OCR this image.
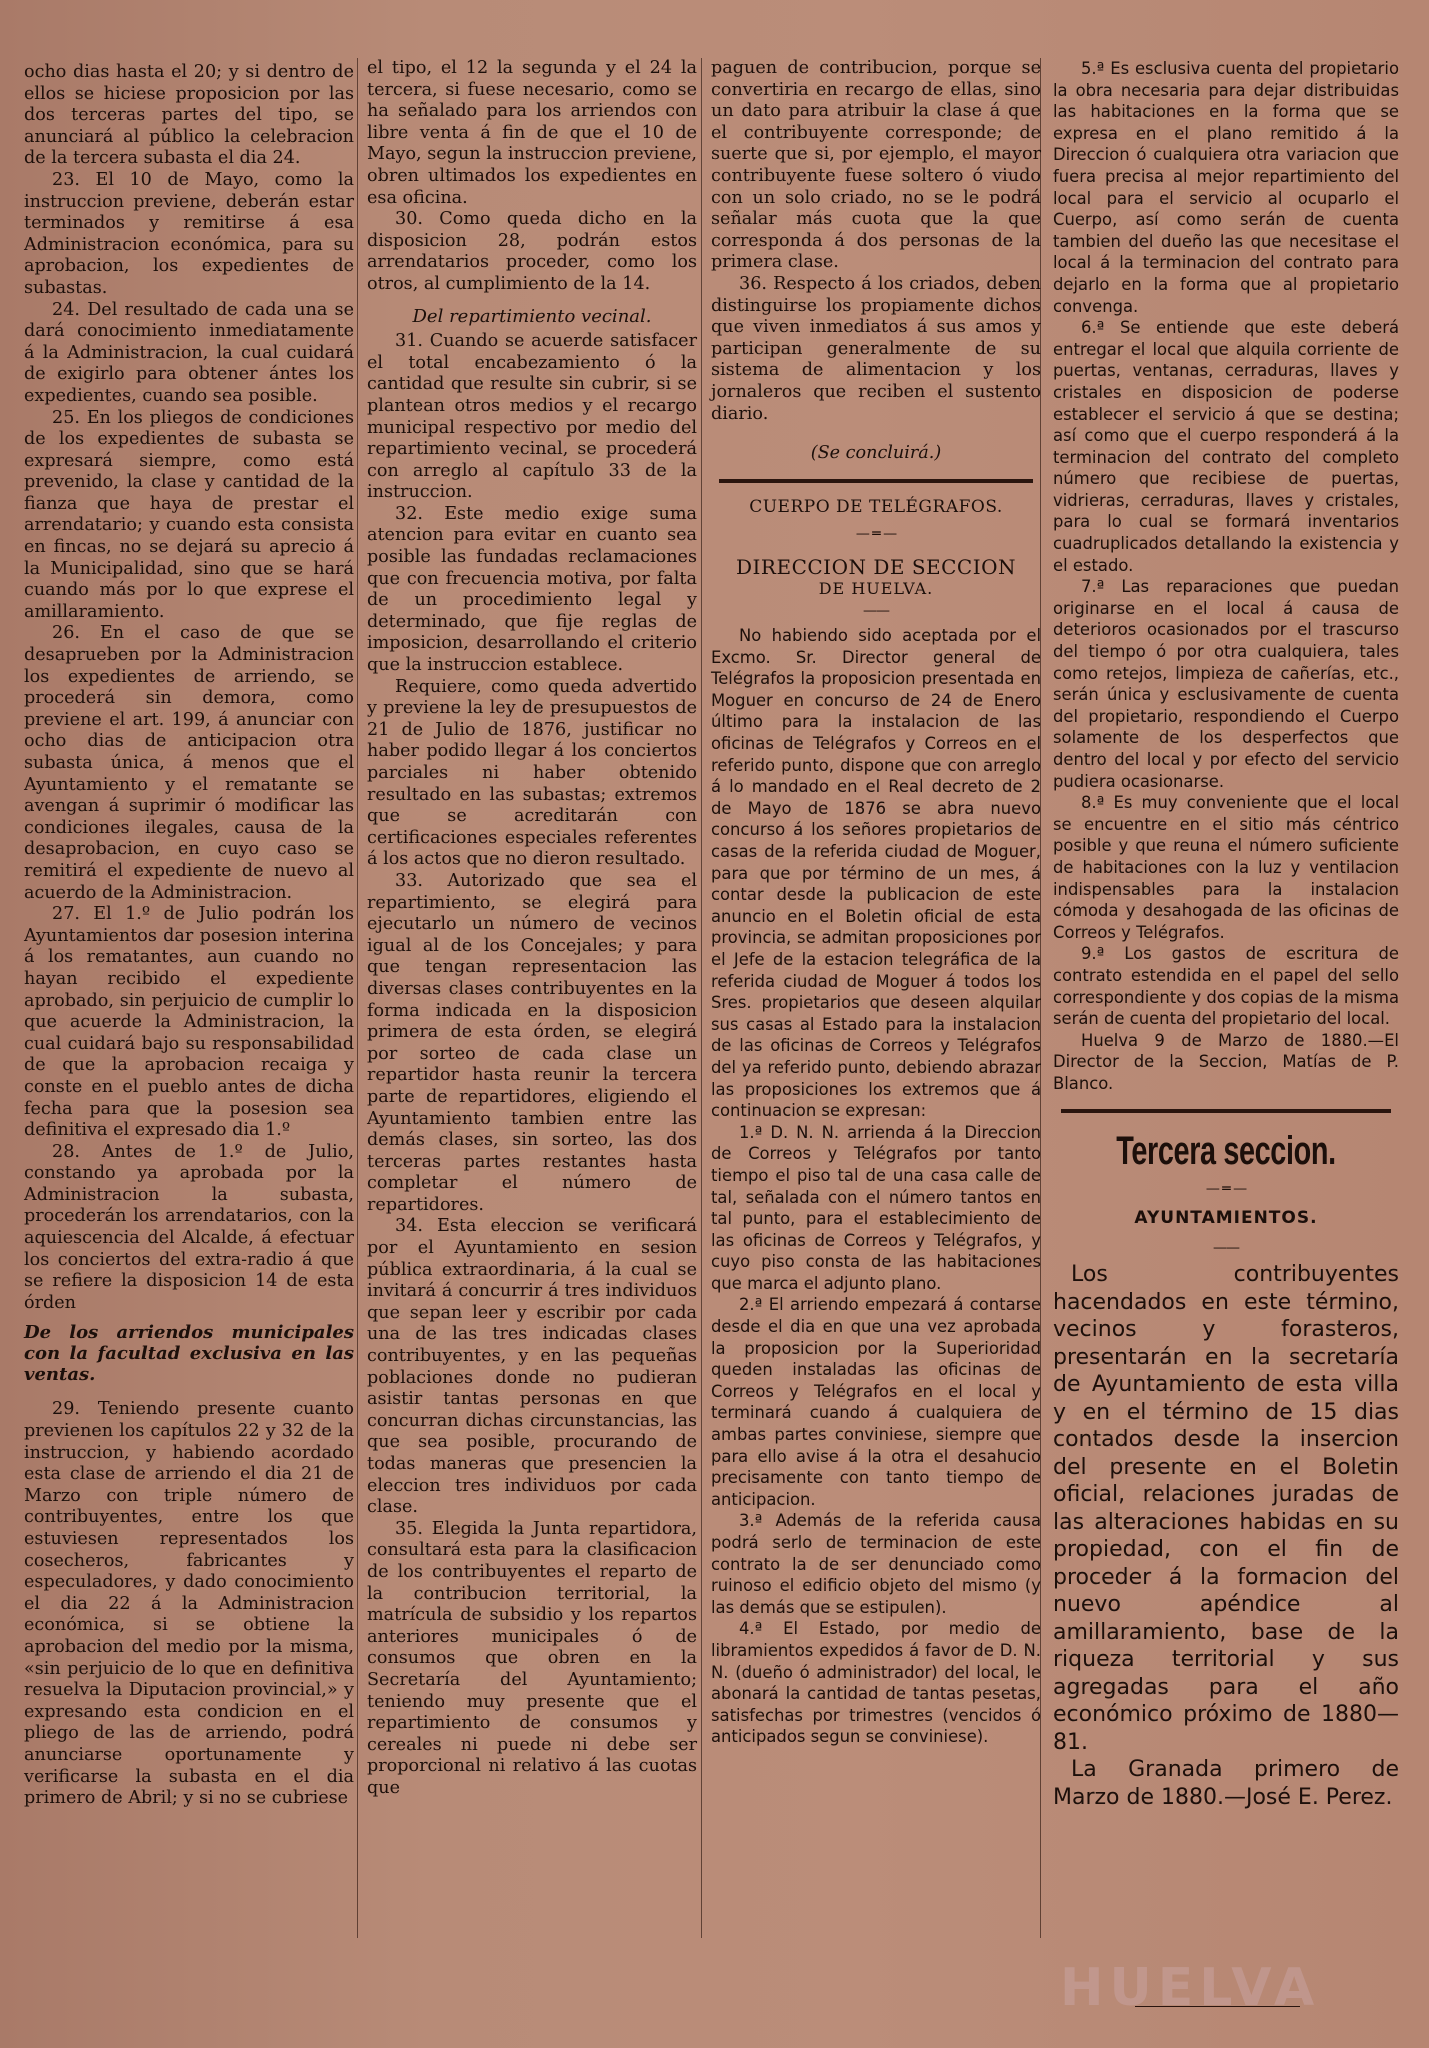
ocho dias hasta el 20; y si dentro de ellos se hiciese proposicion por las dos terceras partes del tipo, se anunciará al público la celebracion de la tercera subasta el dia 24.

23. El 10 de Mayo, como la instruccion previene, deberán estar terminados y remitirse á esa Administracion económica, para su aprobacion, los expedientes de subastas.

24. Del resultado de cada una se dará conocimiento inmediatamente á la Administracion, la cual cuidará de exigirlo para obtener ántes los expedientes, cuando sea posible.

25. En los pliegos de condiciones de los expedientes de subasta se expresará siempre, como está prevenido, la clase y cantidad de la fianza que haya de prestar el arrendatario; y cuando esta consista en fincas, no se dejará su aprecio á la Municipalidad, sino que se hará cuando más por lo que exprese el amillaramiento.

26. En el caso de que se desaprueben por la Administracion los expedientes de arriendo, se procederá sin demora, como previene el art. 199, á anunciar con ocho dias de anticipacion otra subasta única, á menos que el Ayuntamiento y el rematante se avengan á suprimir ó modificar las condiciones ilegales, causa de la desaprobacion, en cuyo caso se remitirá el expediente de nuevo al acuerdo de la Administracion.

27. El 1.º de Julio podrán los Ayuntamientos dar posesion interina á los rematantes, aun cuando no hayan recibido el expediente aprobado, sin perjuicio de cumplir lo que acuerde la Administracion, la cual cuidará bajo su responsabilidad de que la aprobacion recaiga y conste en el pueblo antes de dicha fecha para que la posesion sea definitiva el expresado dia 1.º

28. Antes de 1.º de Julio, constando ya aprobada por la Administracion la subasta, procederán los arrendatarios, con la aquiescencia del Alcalde, á efectuar los conciertos del extra-radio á que se refiere la disposicion 14 de esta órden

De los arriendos municipales con la facultad exclusiva en las ventas.

29. Teniendo presente cuanto previenen los capítulos 22 y 32 de la instruccion, y habiendo acordado esta clase de arriendo el dia 21 de Marzo con triple número de contribuyentes, entre los que estuviesen representados los cosecheros, fabricantes y especuladores, y dado conocimiento el dia 22 á la Administracion económica, si se obtiene la aprobacion del medio por la misma, «sin perjuicio de lo que en definitiva resuelva la Diputacion provincial,» y expresando esta condicion en el pliego de las de arriendo, podrá anunciarse oportunamente y verificarse la subasta en el dia primero de Abril; y si no se cubriese

el tipo, el 12 la segunda y el 24 la tercera, si fuese necesario, como se ha señalado para los arriendos con libre venta á fin de que el 10 de Mayo, segun la instruccion previene, obren ultimados los expedientes en esa oficina.

30. Como queda dicho en la disposicion 28, podrán estos arrendatarios proceder, como los otros, al cumplimiento de la 14.

Del repartimiento vecinal.

31. Cuando se acuerde satisfacer el total encabezamiento ó la cantidad que resulte sin cubrir, si se plantean otros medios y el recargo municipal respectivo por medio del repartimiento vecinal, se procederá con arreglo al capítulo 33 de la instruccion.

32. Este medio exige suma atencion para evitar en cuanto sea posible las fundadas reclamaciones que con frecuencia motiva, por falta de un procedimiento legal y determinado, que fije reglas de imposicion, desarrollando el criterio que la instruccion establece.

Requiere, como queda advertido y previene la ley de presupuestos de 21 de Julio de 1876, justificar no haber podido llegar á los conciertos parciales ni haber obtenido resultado en las subastas; extremos que se acreditarán con certificaciones especiales referentes á los actos que no dieron resultado.

33. Autorizado que sea el repartimiento, se elegirá para ejecutarlo un número de vecinos igual al de los Concejales; y para que tengan representacion las diversas clases contribuyentes en la forma indicada en la disposicion primera de esta órden, se elegirá por sorteo de cada clase un repartidor hasta reunir la tercera parte de repartidores, eligiendo el Ayuntamiento tambien entre las demás clases, sin sorteo, las dos terceras partes restantes hasta completar el número de repartidores.

34. Esta eleccion se verificará por el Ayuntamiento en sesion pública extraordinaria, á la cual se invitará á concurrir á tres individuos que sepan leer y escribir por cada una de las tres indicadas clases contribuyentes, y en las pequeñas poblaciones donde no pudieran asistir tantas personas en que concurran dichas circunstancias, las que sea posible, procurando de todas maneras que presencien la eleccion tres individuos por cada clase.

35. Elegida la Junta repartidora, consultará esta para la clasificacion de los contribuyentes el reparto de la contribucion territorial, la matrícula de subsidio y los repartos anteriores municipales ó de consumos que obren en la Secretaría del Ayuntamiento; teniendo muy presente que el repartimiento de consumos y cereales ni puede ni debe ser proporcional ni relativo á las cuotas que

paguen de contribucion, porque se convertiria en recargo de ellas, sino un dato para atribuir la clase á que el contribuyente corresponde; de suerte que si, por ejemplo, el mayor contribuyente fuese soltero ó viudo con un solo criado, no se le podrá señalar más cuota que la que corresponda á dos personas de la primera clase.

36. Respecto á los criados, deben distinguirse los propiamente dichos que viven inmediatos á sus amos y participan generalmente de su sistema de alimentacion y los jornaleros que reciben el sustento diario.

(Se concluirá.)
CUERPO DE TELÉGRAFOS.
— ═ —
DIRECCION DE SECCION
DE HUELVA.
——

No habiendo sido aceptada por el Excmo. Sr. Director general de Telégrafos la proposicion presentada en Moguer en concurso de 24 de Enero último para la instalacion de las oficinas de Telégrafos y Correos en el referido punto, dispone que con arreglo á lo mandado en el Real decreto de 2 de Mayo de 1876 se abra nuevo concurso á los señores propietarios de casas de la referida ciudad de Moguer, para que por término de un mes, á contar desde la publicacion de este anuncio en el Boletin oficial de esta provincia, se admitan proposiciones por el Jefe de la estacion telegráfica de la referida ciudad de Moguer á todos los Sres. propietarios que deseen alquilar sus casas al Estado para la instalacion de las oficinas de Correos y Telégrafos del ya referido punto, debiendo abrazar las proposiciones los extremos que á continuacion se expresan:

1.ª D. N. N. arrienda á la Direccion de Correos y Telégrafos por tanto tiempo el piso tal de una casa calle de tal, señalada con el número tantos en tal punto, para el establecimiento de las oficinas de Correos y Telégrafos, y cuyo piso consta de las habitaciones que marca el adjunto plano.

2.ª El arriendo empezará á contarse desde el dia en que una vez aprobada la proposicion por la Superioridad queden instaladas las oficinas de Correos y Telégrafos en el local y terminará cuando á cualquiera de ambas partes conviniese, siempre que para ello avise á la otra el desahucio precisamente con tanto tiempo de anticipacion.

3.ª Además de la referida causa podrá serlo de terminacion de este contrato la de ser denunciado como ruinoso el edificio objeto del mismo (y las demás que se estipulen).

4.ª El Estado, por medio de libramientos expedidos á favor de D. N. N. (dueño ó administrador) del local, le abonará la cantidad de tantas pesetas, satisfechas por trimestres (vencidos ó anticipados segun se conviniese).

5.ª Es esclusiva cuenta del propietario la obra necesaria para dejar distribuidas las habitaciones en la forma que se expresa en el plano remitido á la Direccion ó cualquiera otra variacion que fuera precisa al mejor repartimiento del local para el servicio al ocuparlo el Cuerpo, así como serán de cuenta tambien del dueño las que necesitase el local á la terminacion del contrato para dejarlo en la forma que al propietario convenga.

6.ª Se entiende que este deberá entregar el local que alquila corriente de puertas, ventanas, cerraduras, llaves y cristales en disposicion de poderse establecer el servicio á que se destina; así como que el cuerpo responderá á la terminacion del contrato del completo número que recibiese de puertas, vidrieras, cerraduras, llaves y cristales, para lo cual se formará inventarios cuadruplicados detallando la existencia y el estado.

7.ª Las reparaciones que puedan originarse en el local á causa de deterioros ocasionados por el trascurso del tiempo ó por otra cualquiera, tales como retejos, limpieza de cañerías, etc., serán única y esclusivamente de cuenta del propietario, respondiendo el Cuerpo solamente de los desperfectos que dentro del local y por efecto del servicio pudiera ocasionarse.

8.ª Es muy conveniente que el local se encuentre en el sitio más céntrico posible y que reuna el número suficiente de habitaciones con la luz y ventilacion indispensables para la instalacion cómoda y desahogada de las oficinas de Correos y Telégrafos.

9.ª Los gastos de escritura de contrato estendida en el papel del sello correspondiente y dos copias de la misma serán de cuenta del propietario del local.

Huelva 9 de Marzo de 1880.—El Director de la Seccion, Matías de P. Blanco.

Tercera seccion.
— ═ —
AYUNTAMIENTOS.
——

Los contribuyentes hacendados en este término, vecinos y forasteros, presentarán en la secretaría de Ayuntamiento de esta villa y en el término de 15 dias contados desde la insercion del presente en el Boletin oficial, relaciones juradas de las alteraciones habidas en su propiedad, con el fin de proceder á la formacion del nuevo apéndice al amillaramiento, base de la riqueza territorial y sus agregadas para el año económico próximo de 1880—81.

La Granada primero de Marzo de 1880.—José E. Perez.

HUELVA
